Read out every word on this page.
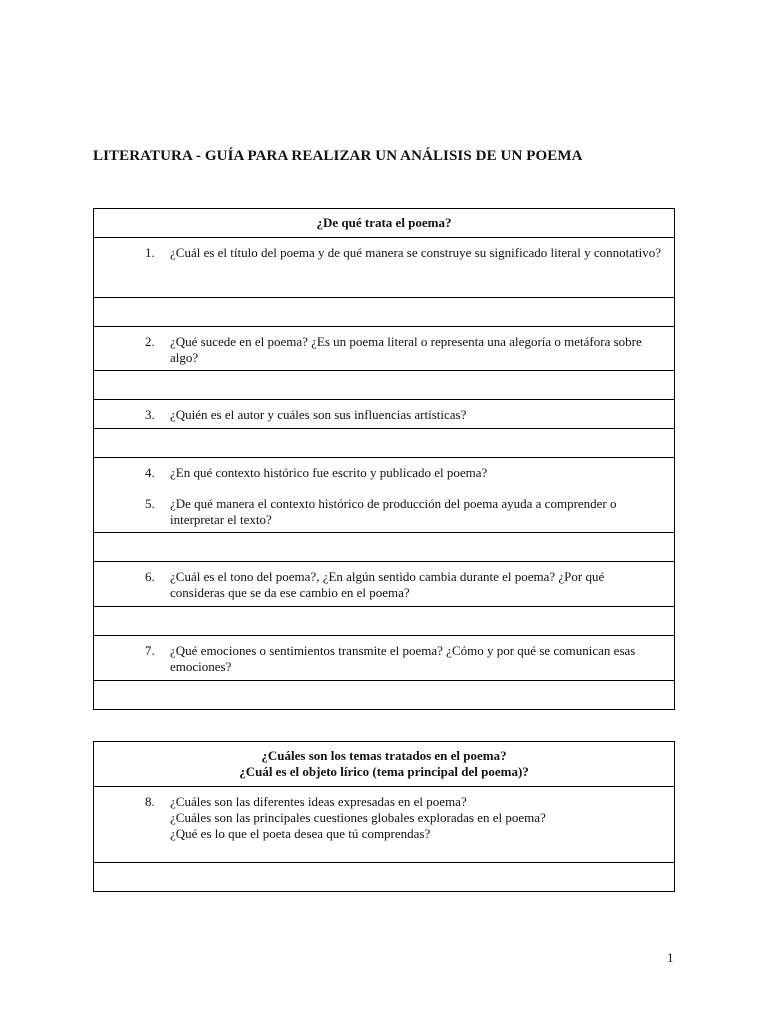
LITERATURA - GUÍA PARA REALIZAR UN ANÁLISIS DE UN POEMA
¿De qué trata el poema?
1.	¿Cuál es el título del poema y de qué manera se construye su significado literal y connotativo?
2.	¿Qué sucede en el poema? ¿Es un poema literal o representa una alegoría o metáfora sobre algo?
3.	¿Quién es el autor y cuáles son sus influencias artísticas?
4.	¿En qué contexto histórico fue escrito y publicado el poema?
5.	¿De qué manera el contexto histórico de producción del poema ayuda a comprender o interpretar el texto?
6.	¿Cuál es el tono del poema?, ¿En algún sentido cambia durante el poema? ¿Por qué consideras que se da ese cambio en el poema?
7.	¿Qué emociones o sentimientos transmite el poema? ¿Cómo y por qué se comunican esas emociones?
¿Cuáles son los temas tratados en el poema?
¿Cuál es el objeto lírico (tema principal del poema)?
8.	¿Cuáles son las diferentes ideas expresadas en el poema?
¿Cuáles son las principales cuestiones globales exploradas en el poema?
¿Qué es lo que el poeta desea que tú comprendas?
1
